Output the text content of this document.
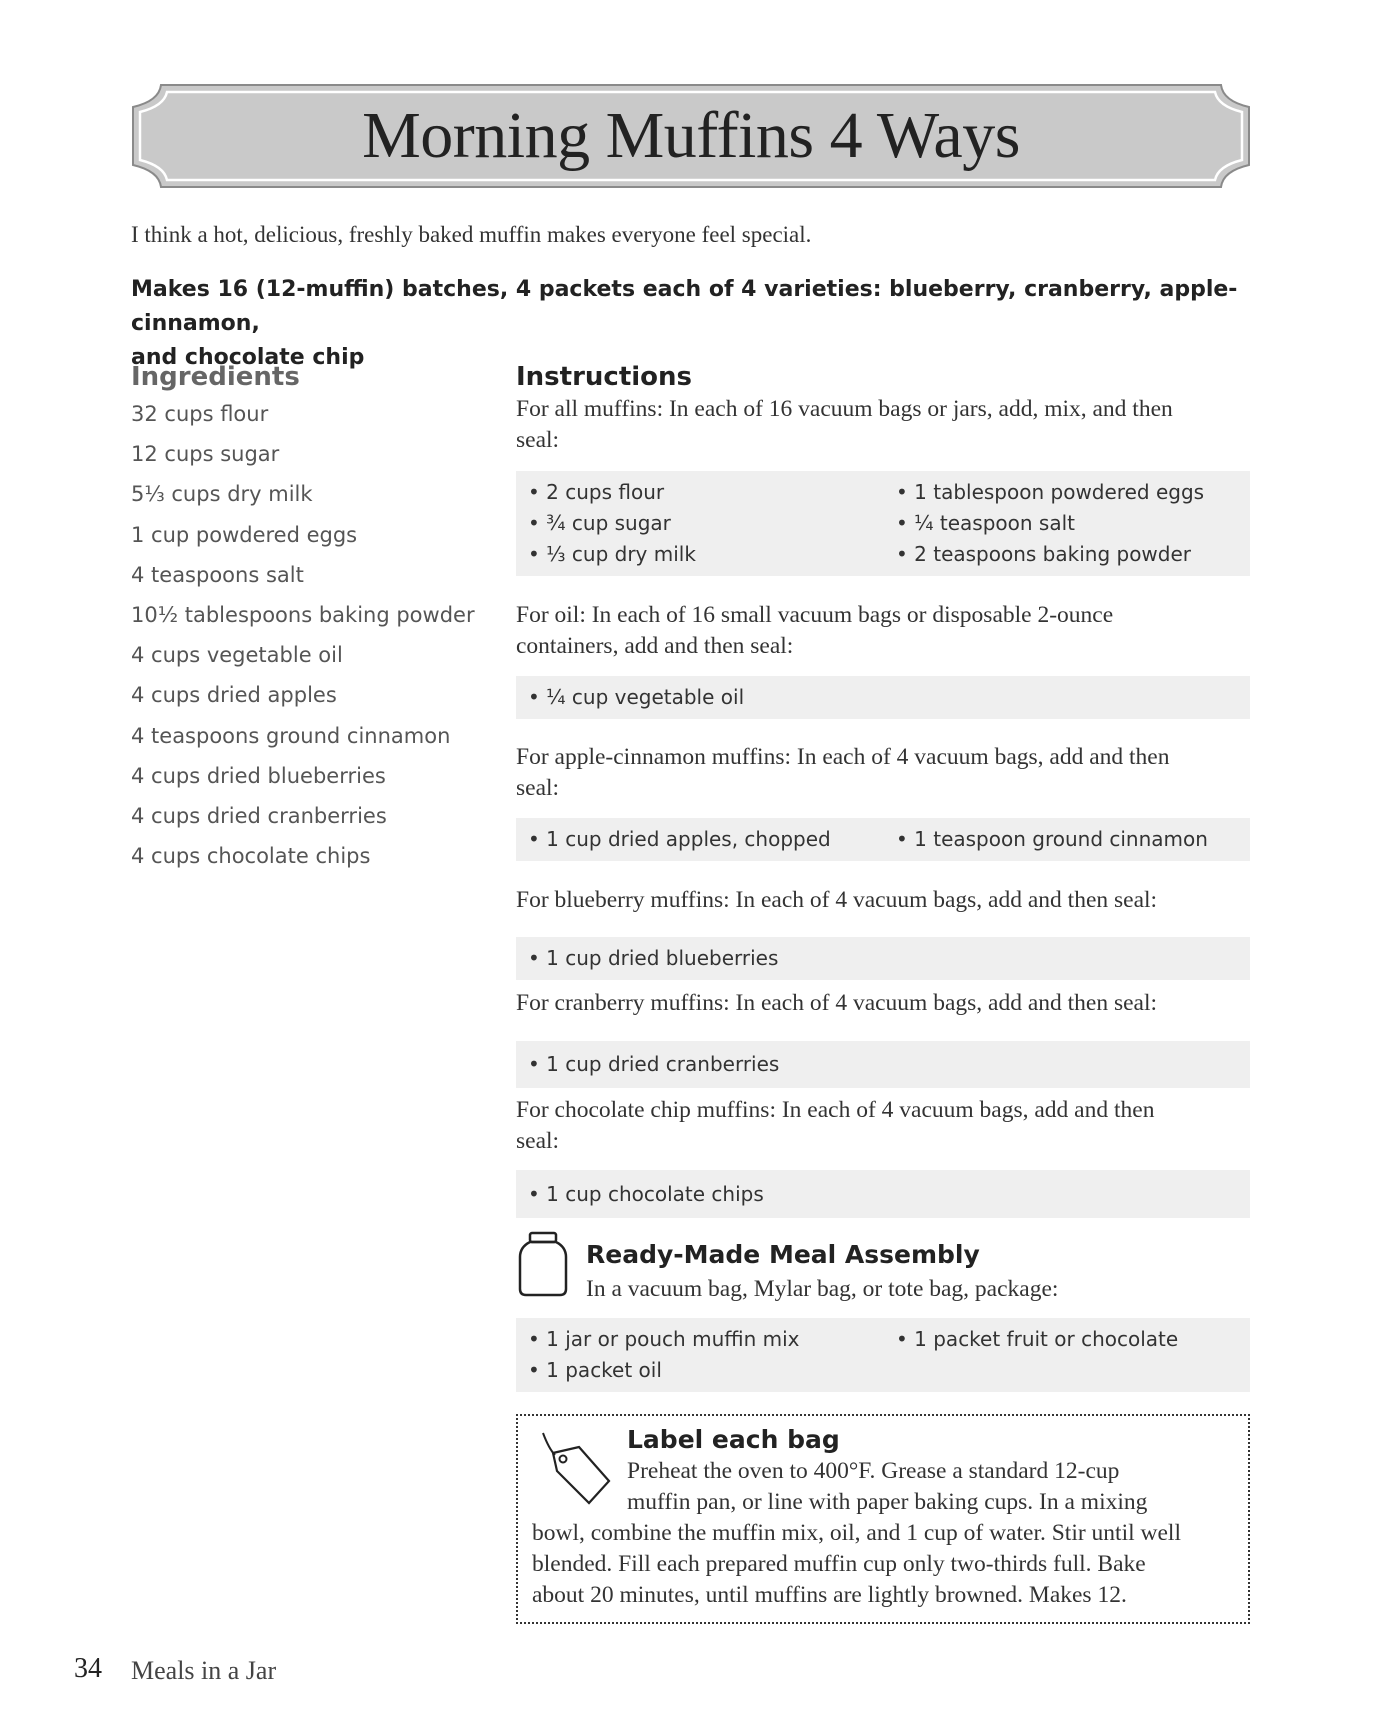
Morning Muffins 4 Ways
I think a hot, delicious, freshly baked muffin makes everyone feel special.
Makes 16 (12-muffin) batches, 4 packets each of 4 varieties: blueberry, cranberry, apple-cinnamon,
and chocolate chip
Ingredients
32 cups flour
12 cups sugar
5⅓ cups dry milk
1 cup powdered eggs
4 teaspoons salt
10½ tablespoons baking powder
4 cups vegetable oil
4 cups dried apples
4 teaspoons ground cinnamon
4 cups dried blueberries
4 cups dried cranberries
4 cups chocolate chips
Instructions
For all muffins: In each of 16 vacuum bags or jars, add, mix, and then
seal:
• 2 cups flour	• 1 tablespoon powdered eggs
• ¾ cup sugar	• ¼ teaspoon salt
• ⅓ cup dry milk	• 2 teaspoons baking powder
For oil: In each of 16 small vacuum bags or disposable 2-ounce
containers, add and then seal:
• ¼ cup vegetable oil
For apple-cinnamon muffins: In each of 4 vacuum bags, add and then
seal:
• 1 cup dried apples, chopped	• 1 teaspoon ground cinnamon
For blueberry muffins: In each of 4 vacuum bags, add and then seal:
• 1 cup dried blueberries
For cranberry muffins: In each of 4 vacuum bags, add and then seal:
• 1 cup dried cranberries
For chocolate chip muffins: In each of 4 vacuum bags, add and then
seal:
• 1 cup chocolate chips
Ready-Made Meal Assembly
In a vacuum bag, Mylar bag, or tote bag, package:
• 1 jar or pouch muffin mix	• 1 packet fruit or chocolate
• 1 packet oil
Label each bag
Preheat the oven to 400°F. Grease a standard 12-cup
muffin pan, or line with paper baking cups. In a mixing
bowl, combine the muffin mix, oil, and 1 cup of water. Stir until well
blended. Fill each prepared muffin cup only two-thirds full. Bake
about 20 minutes, until muffins are lightly browned. Makes 12.
34 Meals in a Jar
